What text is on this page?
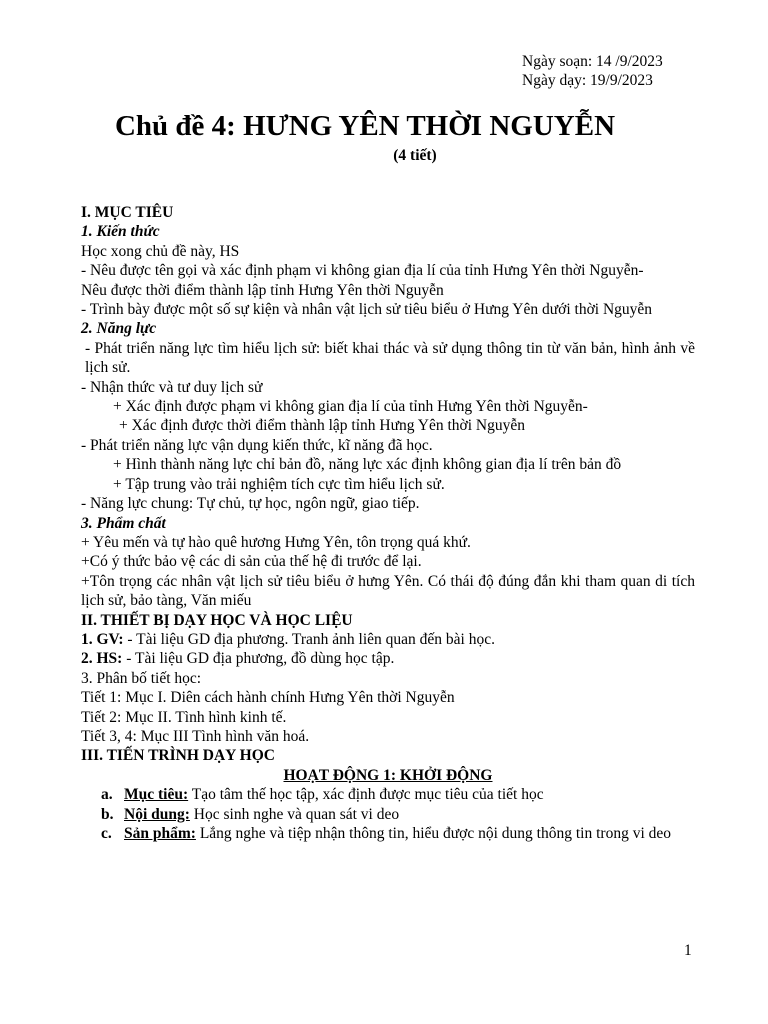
Ngày soạn: 14 /9/2023
Ngày dạy: 19/9/2023
Chủ đề 4: HƯNG YÊN THỜI NGUYỄN
(4 tiết)

I. MỤC TIÊU

1. Kiến thức

Học xong chủ đề này, HS

- Nêu được tên gọi và xác định phạm vi không gian địa lí của tỉnh Hưng Yên thời Nguyễn-

Nêu được thời điểm thành lập tỉnh Hưng Yên thời Nguyễn

- Trình bày được một số sự kiện và nhân vật lịch sử tiêu biểu ở Hưng Yên dưới thời Nguyễn

2. Năng lực

- Phát triển năng lực tìm hiểu lịch sử: biết khai thác và sử dụng thông tin từ văn bản, hình ảnh về lịch sử.

- Nhận thức và tư duy lịch sử

+ Xác định được phạm vi không gian địa lí của tỉnh Hưng Yên thời Nguyễn-

+ Xác định được thời điểm thành lập tỉnh Hưng Yên thời Nguyễn

- Phát triển năng lực vận dụng kiến thức, kĩ năng đã học.

+ Hình thành năng lực chỉ bản đồ, năng lực xác định không gian địa lí trên bản đồ

+ Tập trung vào trải nghiệm tích cực tìm hiểu lịch sử.

- Năng lực chung: Tự chủ, tự học, ngôn ngữ, giao tiếp.

3. Phẩm chất

+ Yêu mến và tự hào quê hương Hưng Yên, tôn trọng quá khứ.

+Có ý thức bảo vệ các di sản của thế hệ đi trước để lại.

+Tôn trọng các nhân vật lịch sử tiêu biểu ở hưng Yên. Có thái độ đúng đắn khi tham quan di tích lịch sử, bảo tàng, Văn miếu

II. THIẾT BỊ DẠY HỌC VÀ HỌC LIỆU

1. GV: - Tài liệu GD địa phương. Tranh ảnh liên quan đến bài học.

2. HS: - Tài liệu GD địa phương, đồ dùng học tập.

3. Phân bố tiết học:

Tiết 1: Mục I. Diên cách hành chính Hưng Yên thời Nguyễn

Tiết 2: Mục II. Tình hình kinh tế.

Tiết 3, 4: Mục III Tình hình văn hoá.

III. TIẾN TRÌNH DẠY HỌC

HOẠT ĐỘNG 1: KHỞI ĐỘNG

a. Mục tiêu: Tạo tâm thế học tập, xác định được mục tiêu của tiết học
b. Nội dung: Học sinh nghe và quan sát vi deo
c. Sản phẩm: Lắng nghe và tiệp nhận thông tin, hiểu được nội dung thông tin trong vi deo
1
